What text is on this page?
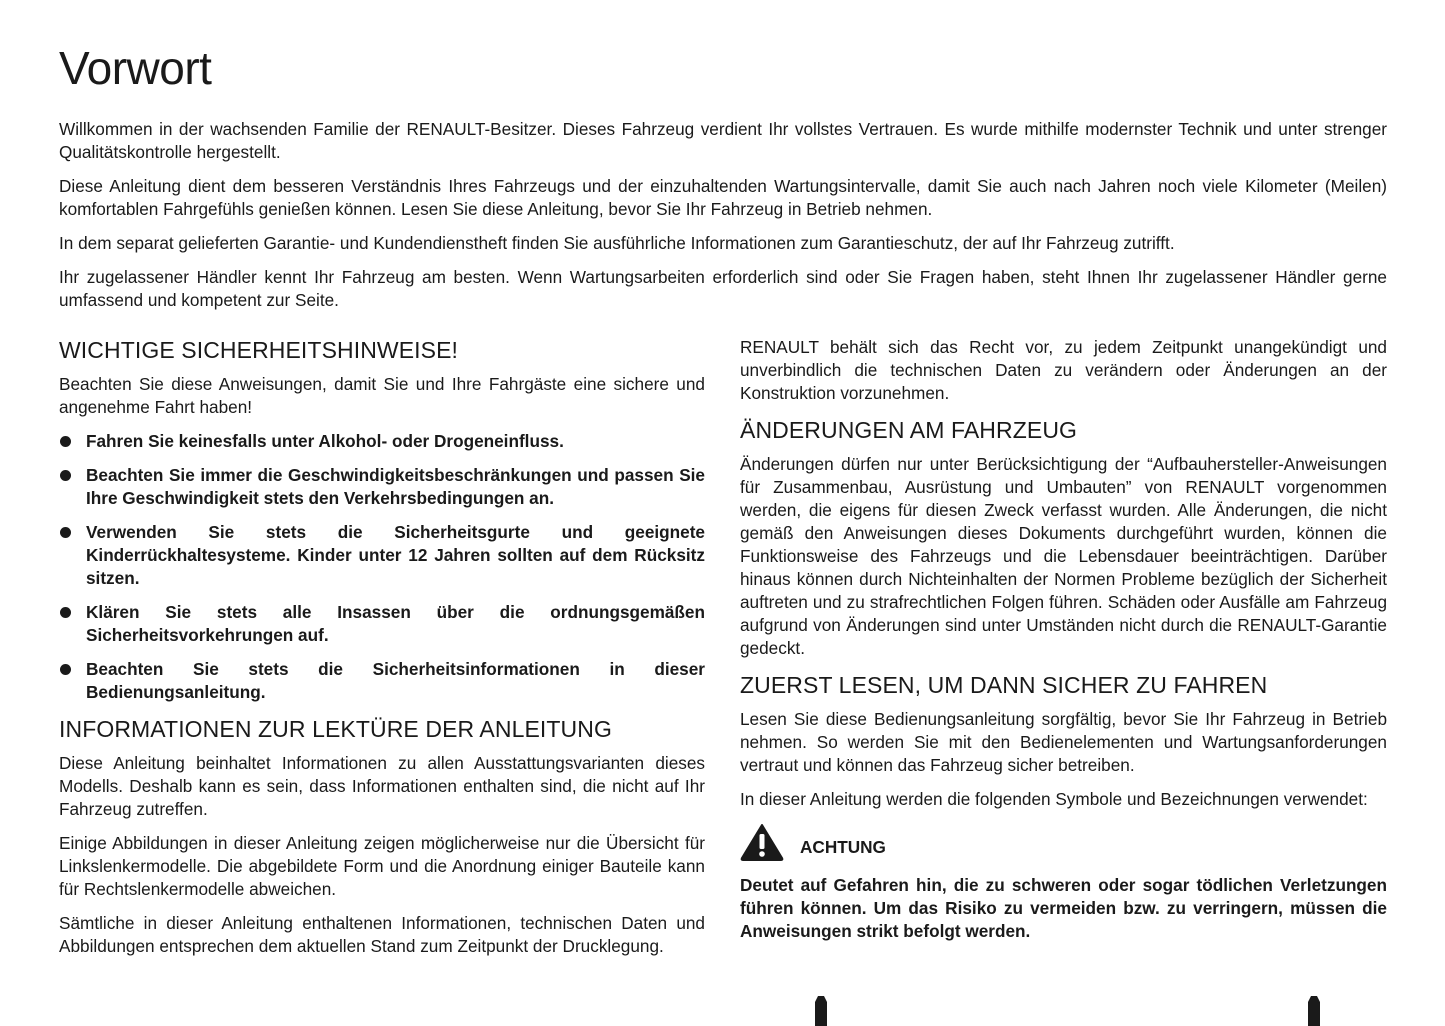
Vorwort

Willkommen in der wachsenden Familie der RENAULT-Besitzer. Dieses Fahrzeug verdient Ihr vollstes Vertrauen. Es wurde mithilfe modernster Technik und unter strenger Qualitätskontrolle hergestellt.

Diese Anleitung dient dem besseren Verständnis Ihres Fahrzeugs und der einzuhaltenden Wartungsintervalle, damit Sie auch nach Jahren noch viele Kilometer (Meilen) komfortablen Fahrgefühls genießen können. Lesen Sie diese Anleitung, bevor Sie Ihr Fahrzeug in Betrieb nehmen.

In dem separat gelieferten Garantie- und Kundendienstheft finden Sie ausführliche Informationen zum Garantieschutz, der auf Ihr Fahrzeug zutrifft.

Ihr zugelassener Händler kennt Ihr Fahrzeug am besten. Wenn Wartungsarbeiten erforderlich sind oder Sie Fragen haben, steht Ihnen Ihr zugelassener Händler gerne umfassend und kompetent zur Seite.

WICHTIGE SICHERHEITSHINWEISE!

Beachten Sie diese Anweisungen, damit Sie und Ihre Fahrgäste eine sichere und angenehme Fahrt haben!

Fahren Sie keinesfalls unter Alkohol- oder Drogeneinfluss.
Beachten Sie immer die Geschwindigkeitsbeschränkungen und passen Sie Ihre Geschwindigkeit stets den Verkehrsbedingungen an.
Verwenden Sie stets die Sicherheitsgurte und geeignete Kinderrückhaltesysteme. Kinder unter 12 Jahren sollten auf dem Rücksitz sitzen.
Klären Sie stets alle Insassen über die ordnungsgemäßen Sicherheitsvorkehrungen auf.
Beachten Sie stets die Sicherheitsinformationen in dieser Bedienungsanleitung.
INFORMATIONEN ZUR LEKTÜRE DER ANLEITUNG

Diese Anleitung beinhaltet Informationen zu allen Ausstattungsvarianten dieses Modells. Deshalb kann es sein, dass Informationen enthalten sind, die nicht auf Ihr Fahrzeug zutreffen.

Einige Abbildungen in dieser Anleitung zeigen möglicherweise nur die Übersicht für Linkslenkermodelle. Die abgebildete Form und die Anordnung einiger Bauteile kann für Rechtslenkermodelle abweichen.

Sämtliche in dieser Anleitung enthaltenen Informationen, technischen Daten und Abbildungen entsprechen dem aktuellen Stand zum Zeitpunkt der Drucklegung.

RENAULT behält sich das Recht vor, zu jedem Zeitpunkt unangekündigt und unverbindlich die technischen Daten zu verändern oder Änderungen an der Konstruktion vorzunehmen.

ÄNDERUNGEN AM FAHRZEUG

Änderungen dürfen nur unter Berücksichtigung der “Aufbauhersteller-Anweisungen für Zusammenbau, Ausrüstung und Umbauten” von RENAULT vorgenommen werden, die eigens für diesen Zweck verfasst wurden. Alle Änderungen, die nicht gemäß den Anweisungen dieses Dokuments durchgeführt wurden, können die Funktionsweise des Fahrzeugs und die Lebensdauer beeinträchtigen. Darüber hinaus können durch Nichteinhalten der Normen Probleme bezüglich der Sicherheit auftreten und zu strafrechtlichen Folgen führen. Schäden oder Ausfälle am Fahrzeug aufgrund von Änderungen sind unter Umständen nicht durch die RENAULT-Garantie gedeckt.

ZUERST LESEN, UM DANN SICHER ZU FAHREN

Lesen Sie diese Bedienungsanleitung sorgfältig, bevor Sie Ihr Fahrzeug in Betrieb nehmen. So werden Sie mit den Bedienelementen und Wartungsanforderungen vertraut und können das Fahrzeug sicher betreiben.

In dieser Anleitung werden die folgenden Symbole und Bezeichnungen verwendet:

ACHTUNG

Deutet auf Gefahren hin, die zu schweren oder sogar tödlichen Verletzungen führen können. Um das Risiko zu vermeiden bzw. zu verringern, müssen die Anweisungen strikt befolgt werden.
